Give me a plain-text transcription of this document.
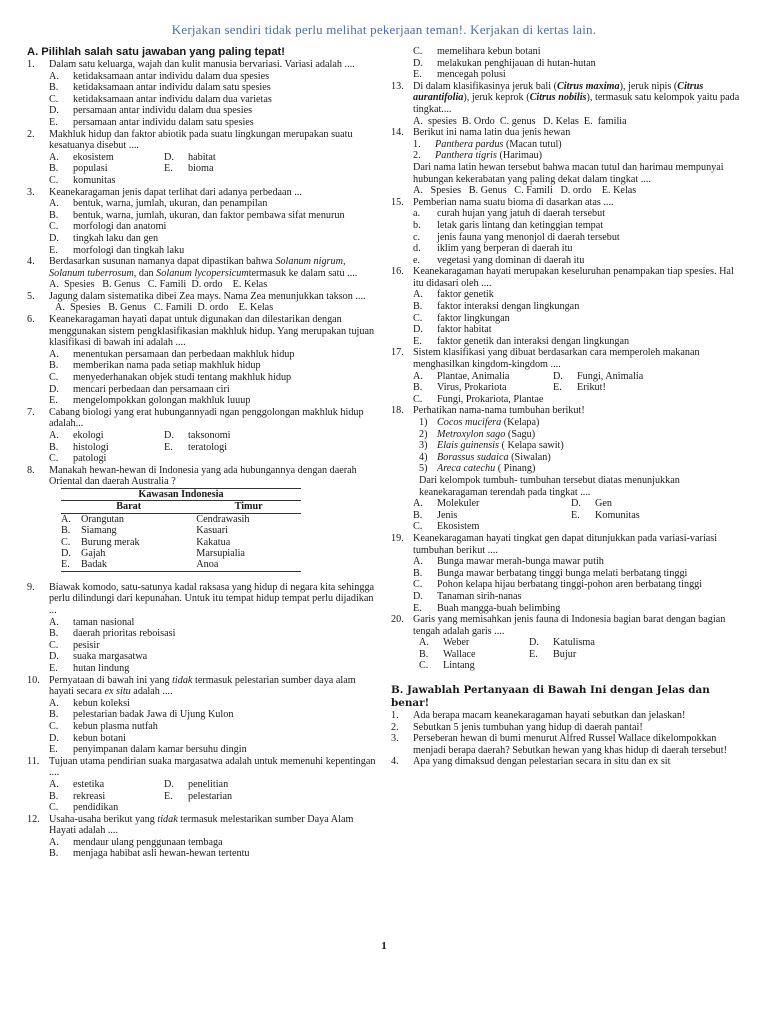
Kerjakan sendiri tidak perlu melihat pekerjaan teman!. Kerjakan di kertas lain.
A. Pilihlah salah satu jawaban yang paling tepat!
1.	Dalam satu keluarga, wajah dan kulit manusia bervariasi. Variasi adalah ....
A.	ketidaksamaan antar individu dalam dua spesies
B.	ketidaksamaan antar individu dalam satu spesies
C.	ketidaksamaan antar individu dalam dua varietas
D.	persamaan antar individu dalam dua spesies
E.	persamaan antar individu dalam satu spesies
2.	Makhluk hidup dan faktor abiotik pada suatu lingkungan merupakan suatu kesatuanya disebut ....
A.	ekosistem	D.	habitat
B.	populasi	E.	bioma
C.	komunitas
3.	Keanekaragaman jenis dapat terlihat dari adanya perbedaan ...
A.	bentuk, warna, jumlah, ukuran, dan penampilan
B.	bentuk, warna, jumlah, ukuran, dan faktor pembawa sifat menurun
C.	morfologi dan anatomi
D.	tingkah laku dan gen
E.	morfologi dan tingkah laku
4.	Berdasarkan susunan namanya dapat dipastikan bahwa Solanum nigrum, Solanum tuberrosum, dan Solanum lycopersicumtermasuk ke dalam satu ....
A.  Spesies   B. Genus   C. Famili  D. ordo    E. Kelas
5.	Jagung dalam sistematika dibei Zea mays. Nama Zea menunjukkan takson ....
A.  Spesies   B. Genus   C. Famili  D. ordo    E. Kelas
6.	Keanekaragaman hayati dapat untuk digunakan dan dilestarikan dengan menggunakan sistem pengklasifikasian makhluk hidup. Yang merupakan tujuan klasifikasi di bawah ini adalah ....
A.	menentukan persamaan dan perbedaan makhluk hidup
B.	memberikan nama pada setiap makhluk hidup
C.	menyederhanakan objek studi tentang makhluk hidup
D.	mencari perbedaan dan persamaan ciri
E.	mengelompokkan golongan makhluk luuup
7.	Cabang biologi yang erat hubungannyadi ngan penggolongan makhluk hidup adalah...
A.	ekologi	D.	taksonomi
B.	histologi	E.	teratologi
C.	patologi
8.	Manakah hewan-hewan di Indonesia yang ada hubungannya dengan daerah Oriental dan daerah Australia ?
Kawasan Indonesia		
Barat		Timur
A.	Orangutan	Cendrawasih
B.	Siamang	Kasuari
C.	Burung merak	Kakatua
D.	Gajah	Marsupialia
E.	Badak	Anoa
9.	Biawak komodo, satu-satunya kadal raksasa yang hidup di negara kita sehingga perlu dilindungi dari kepunahan. Untuk itu tempat hidup tempat perlu dijadikan ...
A.	taman nasional
B.	daerah prioritas reboisasi
C.	pesisir
D.	suaka margasatwa
E.	hutan lindung
10. Pernyataan di bawah ini yang tidak termasuk pelestarian sumber daya alam hayati secara ex situ adalah ....
A.	kebun koleksi
B.	pelestarian badak Jawa di Ujung Kulon
C.	kebun plasma nutfah
D.	kebun botani
E.	penyimpanan dalam kamar bersuhu dingin
11. Tujuan utama pendirian suaka margasatwa adalah untuk memenuhi kepentingan ....
A.	estetika	D.	penelitian
B.	rekreasi	E.	pelestarian
C.	pendidikan
12. Usaha-usaha berikut yang tidak termasuk melestarikan sumber Daya Alam Hayati adalah ....
A.	mendaur ulang penggunaan tembaga
B.	menjaga habibat asli hewan-hewan tertentu
C.	memelihara kebun botani
D.	melakukan penghijauan di hutan-hutan
E.	mencegah polusi
13. Di dalam klasifikasinya jeruk bali (Citrus maxima), jeruk nipis (Citrus aurantifolia), jeruk keprok (Citrus nobilis), termasuk satu kelompok yaitu pada tingkat....
A.  spesies  B. Ordo  C. genus   D. Kelas  E.  familia
14. Berikut ini nama latin dua jenis hewan
1.	Panthera pardus (Macan tutul)
2.	Panthera tigris (Harimau)
Dari nama latin hewan tersebut bahwa macan tutul dan harimau mempunyai hubungan kekerabatan yang paling dekat dalam tingkat ....
A.   Spesies   B. Genus   C. Famili   D. ordo    E. Kelas
15. Pemberian nama suatu bioma di dasarkan atas ....
a.	curah hujan yang jatuh di daerah tersebut
b.	letak garis lintang dan ketinggian tempat
c.	jenis fauna yang menonjol di daerah tersebut
d.	iklim yang berperan di daerah itu
e.	vegetasi yang dominan di daerah itu
16. Keanekaragaman hayati merupakan keseluruhan penampakan tiap spesies. Hal itu didasari oleh ....
A.	faktor genetik
B.	faktor interaksi dengan lingkungan
C.	faktor lingkungan
D.	faktor habitat
E.	faktor genetik dan interaksi dengan lingkungan
17. Sistem klasifikasi yang dibuat berdasarkan cara memperoleh makanan menghasilkan kingdom-kingdom ....
A.	Plantae, Animalia	D.	Fungi, Animalia
B.	Virus, Prokariota	E.	Erikut!
C.	Fungi, Prokariota, Plantae
18. Perhatikan nama-nama tumbuhan berikut!
1) Cocos mucifera (Kelapa)
2) Metroxylon sago (Sagu)
3) Elais guinensis ( Kelapa sawit)
4) Borassus sudaica (Siwalan)
5) Areca catechu ( Pinang)
Dari kelompok tumbuh- tumbuhan tersebut diatas menunjukkan keanekaragaman terendah pada tingkat ....
A.	Molekuler	D.	Gen
B.	Jenis	E.	Komunitas
C.	Ekosistem
19. Keanekaragaman hayati tingkat gen dapat ditunjukkan pada variasi-variasi tumbuhan berikut ....
A.	Bunga mawar merah-bunga mawar putih
B.	Bunga mawar berbatang tinggi bunga melati berbatang tinggi
C.	Pohon kelapa hijau berbatang tinggi-pohon aren berbatang tinggi
D.	Tanaman sirih-nanas
E.	Buah mangga-buah belimbing
20. Garis yang memisahkan jenis fauna di Indonesia bagian barat dengan bagian tengah adalah garis ....
A.	Weber	D.	Katulisma
B.	Wallace	E.	Bujur
C.	Lintang
B. Jawablah Pertanyaan di Bawah Ini dengan Jelas dan benar!
1.	Ada berapa macam keanekaragaman hayati sebutkan dan jelaskan!
2.	Sebutkan 5 jenis tumbuhan yang hidup di daerah pantai!
3.	Perseberan hewan di bumi menurut Alfred Russel Wallace dikelompokkan menjadi berapa daerah? Sebutkan hewan yang khas hidup di daerah tersebut!
4.	Apa yang dimaksud dengan pelestarian secara in situ dan ex sit
1
